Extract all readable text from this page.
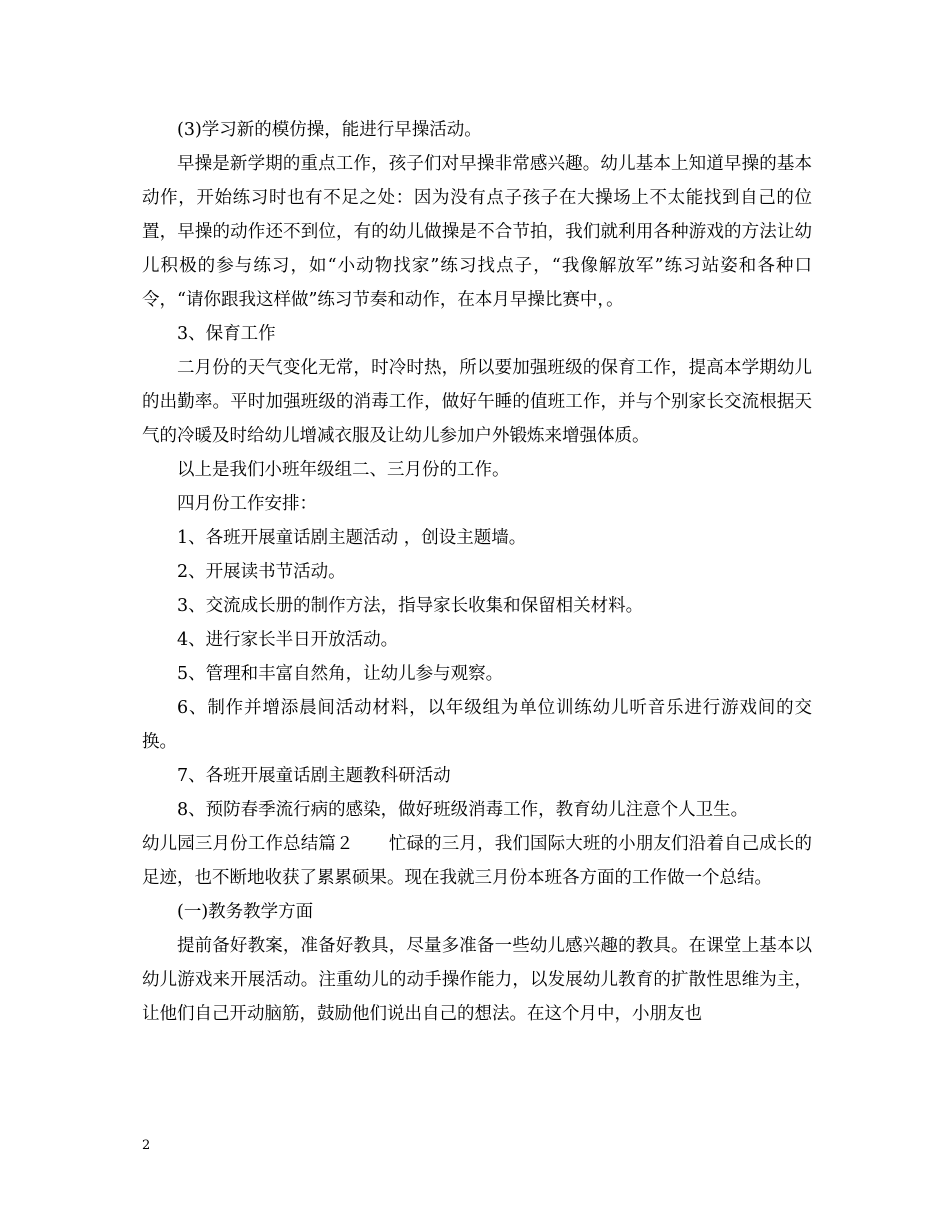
(3)学习新的模仿操，能进行早操活动。

早操是新学期的重点工作，孩子们对早操非常感兴趣。幼儿基本上知道早操的基本动作，开始练习时也有不足之处：因为没有点子孩子在大操场上不太能找到自己的位置，早操的动作还不到位，有的幼儿做操是不合节拍，我们就利用各种游戏的方法让幼儿积极的参与练习，如“小动物找家”练习找点子，“我像解放军”练习站姿和各种口令，“请你跟我这样做”练习节奏和动作，在本月早操比赛中，。

3、保育工作

二月份的天气变化无常，时冷时热，所以要加强班级的保育工作，提高本学期幼儿的出勤率。平时加强班级的消毒工作，做好午睡的值班工作，并与个别家长交流根据天气的冷暖及时给幼儿增减衣服及让幼儿参加户外锻炼来增强体质。

以上是我们小班年级组二、三月份的工作。

四月份工作安排：

1、各班开展童话剧主题活动 ，创设主题墙。

2、开展读书节活动。

3、交流成长册的制作方法，指导家长收集和保留相关材料。

4、进行家长半日开放活动。

5、管理和丰富自然角，让幼儿参与观察。

6、制作并增添晨间活动材料，以年级组为单位训练幼儿听音乐进行游戏间的交换。

7、各班开展童话剧主题教科研活动

8、预防春季流行病的感染，做好班级消毒工作，教育幼儿注意个人卫生。

幼儿园三月份工作总结篇２　　忙碌的三月，我们国际大班的小朋友们沿着自己成长的足迹，也不断地收获了累累硕果。现在我就三月份本班各方面的工作做一个总结。

(一)教务教学方面

提前备好教案，准备好教具，尽量多准备一些幼儿感兴趣的教具。在课堂上基本以幼儿游戏来开展活动。注重幼儿的动手操作能力，以发展幼儿教育的扩散性思维为主，让他们自己开动脑筋，鼓励他们说出自己的想法。在这个月中，小朋友也

2
